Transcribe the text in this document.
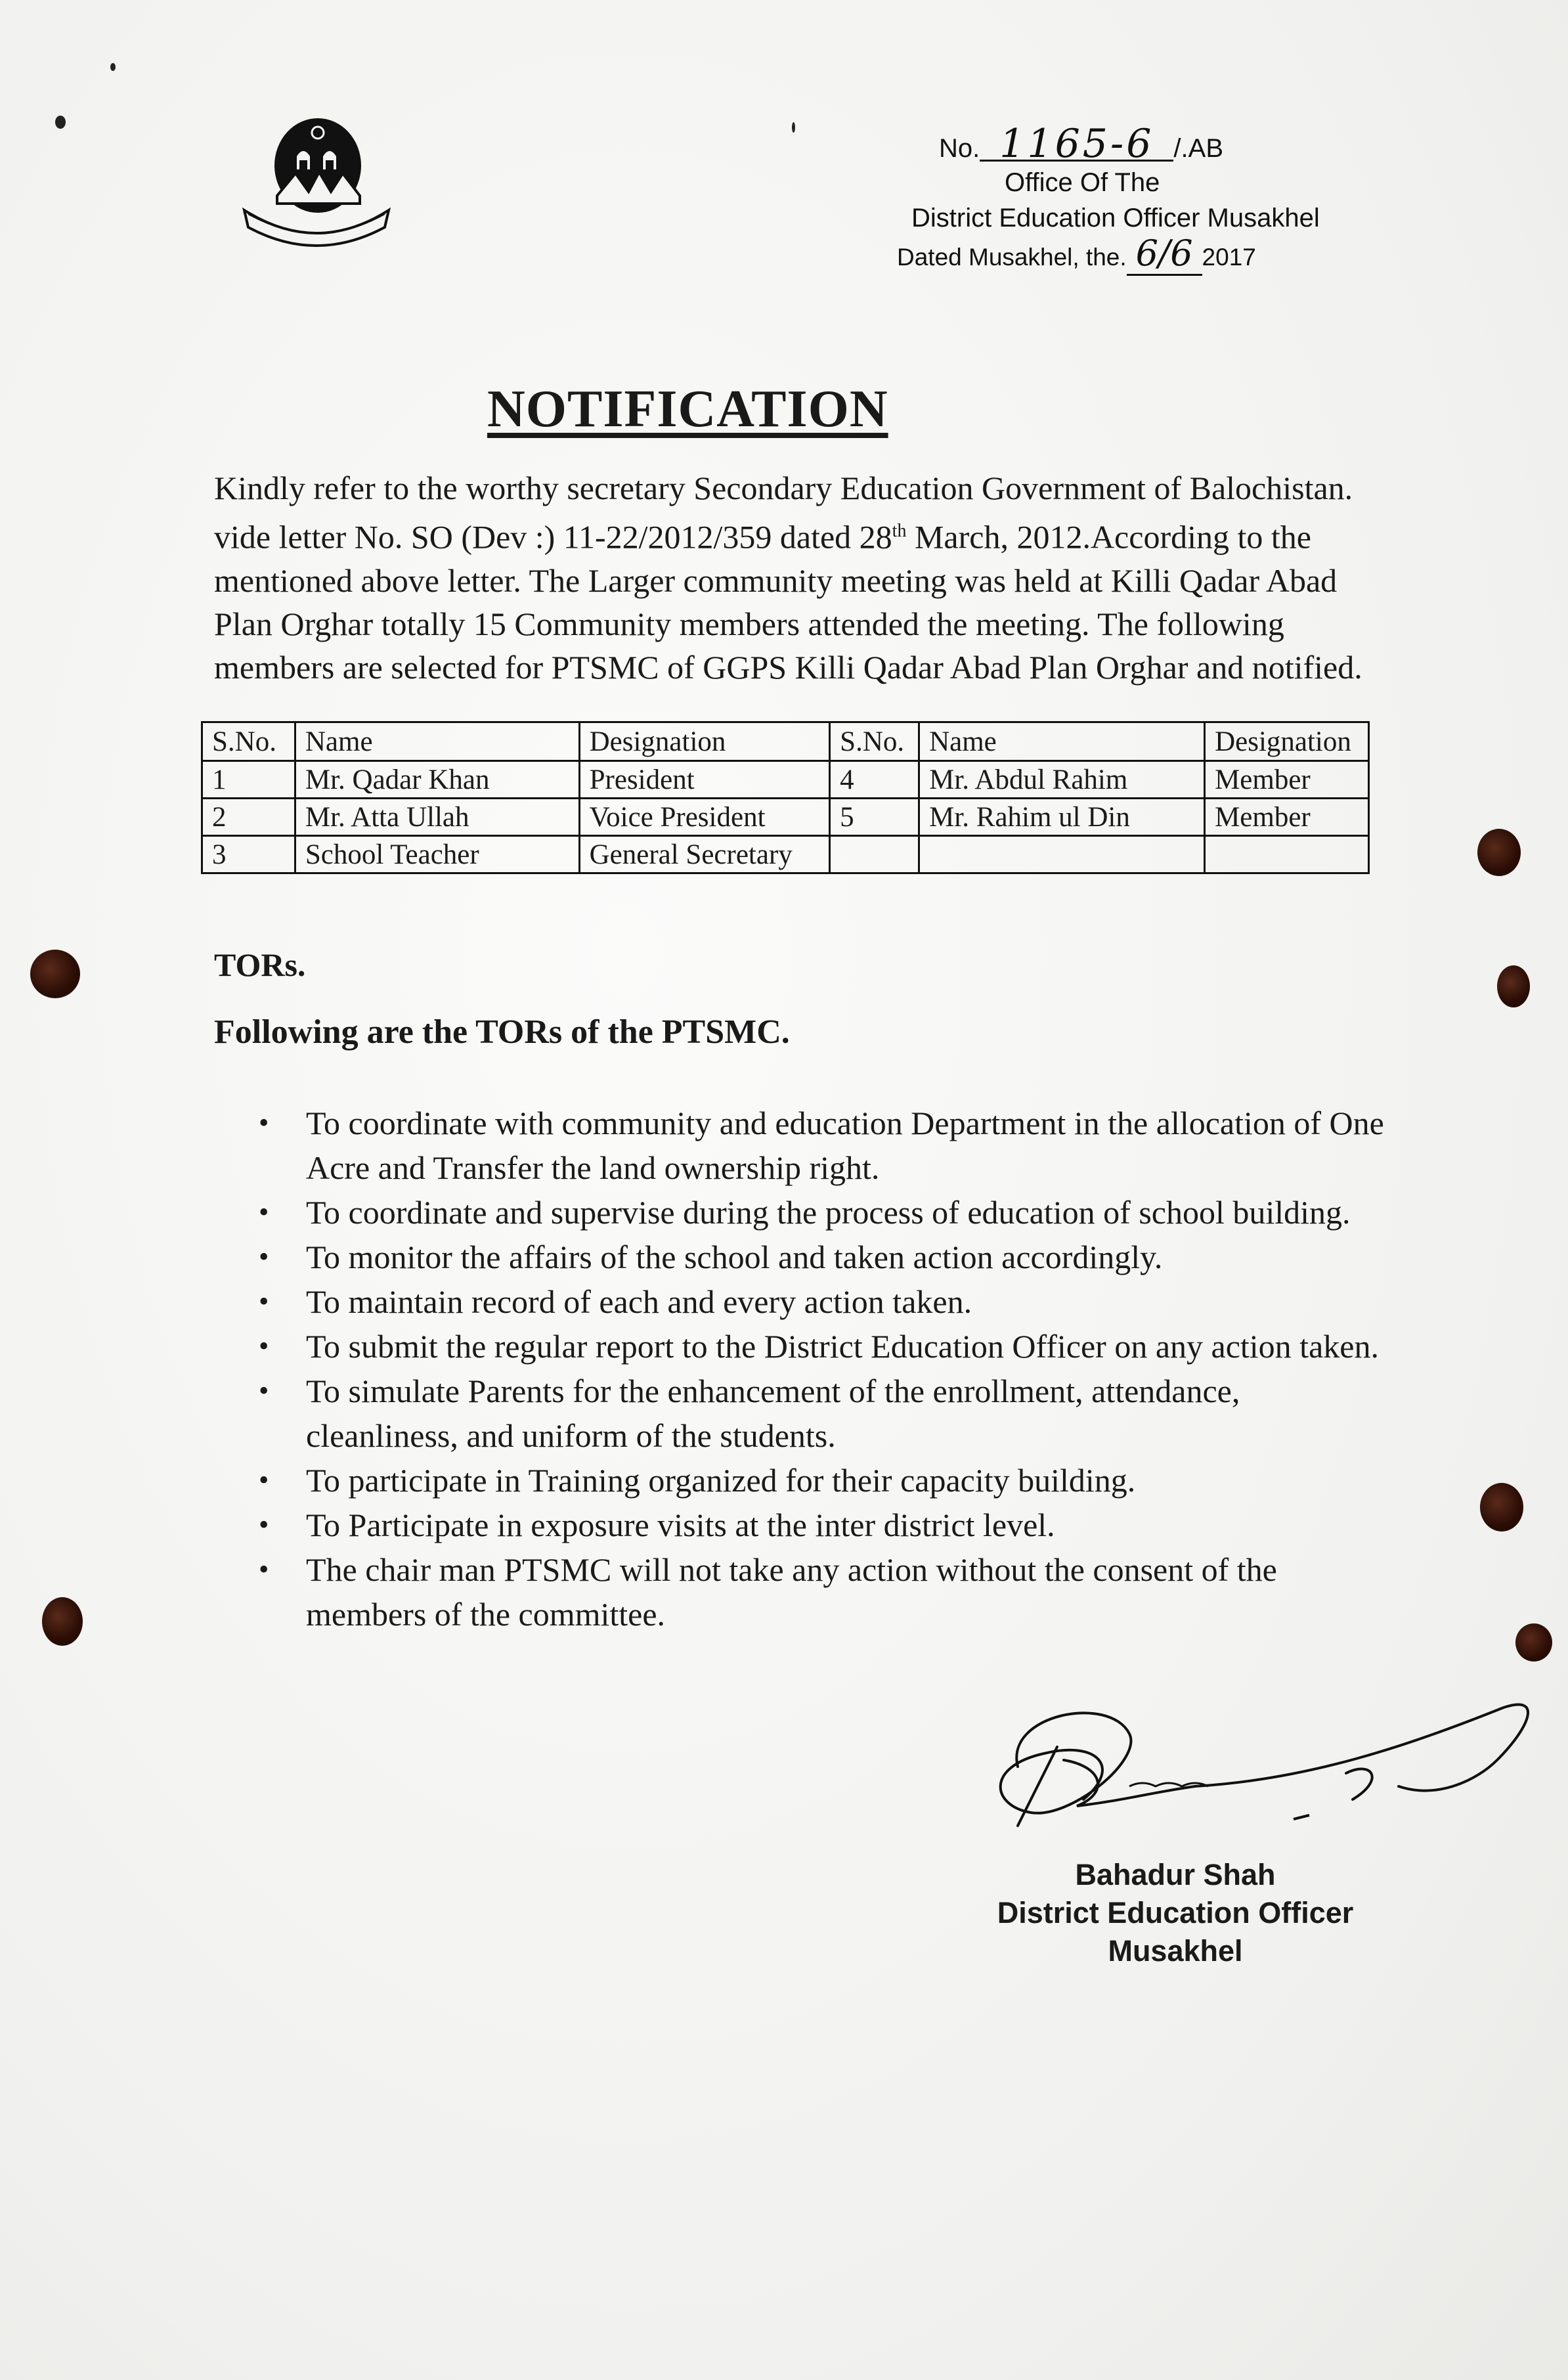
No. 1165-6 /.AB
Office Of The
District Education Officer Musakhel
Dated Musakhel, the. 6/6 2017
NOTIFICATION

Kindly refer to the worthy secretary Secondary Education Government of Balochistan. vide letter No. SO (Dev :) 11-22/2012/359 dated 28th March, 2012.According to the mentioned above letter. The Larger community meeting was held at Killi Qadar Abad Plan Orghar totally 15 Community members attended the meeting. The following members are selected for PTSMC of GGPS Killi Qadar Abad Plan Orghar and notified.

S.No.	Name	Designation	S.No.	Name	Designation
1	Mr. Qadar Khan	President	4	Mr. Abdul Rahim	Member
2	Mr. Atta Ullah	Voice President	5	Mr. Rahim ul Din	Member
3	School Teacher	General Secretary			
TORs.
Following are the TORs of the PTSMC.
• To coordinate with community and education Department in the allocation of One Acre and Transfer the land ownership right.
• To coordinate and supervise during the process of education of school building.
• To monitor the affairs of the school and taken action accordingly.
• To maintain record of each and every action taken.
• To submit the regular report to the District Education Officer on any action taken.
• To simulate Parents for the enhancement of the enrollment, attendance, cleanliness, and uniform of the students.
• To participate in Training organized for their capacity building.
• To Participate in exposure visits at the inter district level.
• The chair man PTSMC will not take any action without the consent of the members of the committee.
Bahadur Shah
District Education Officer
Musakhel
